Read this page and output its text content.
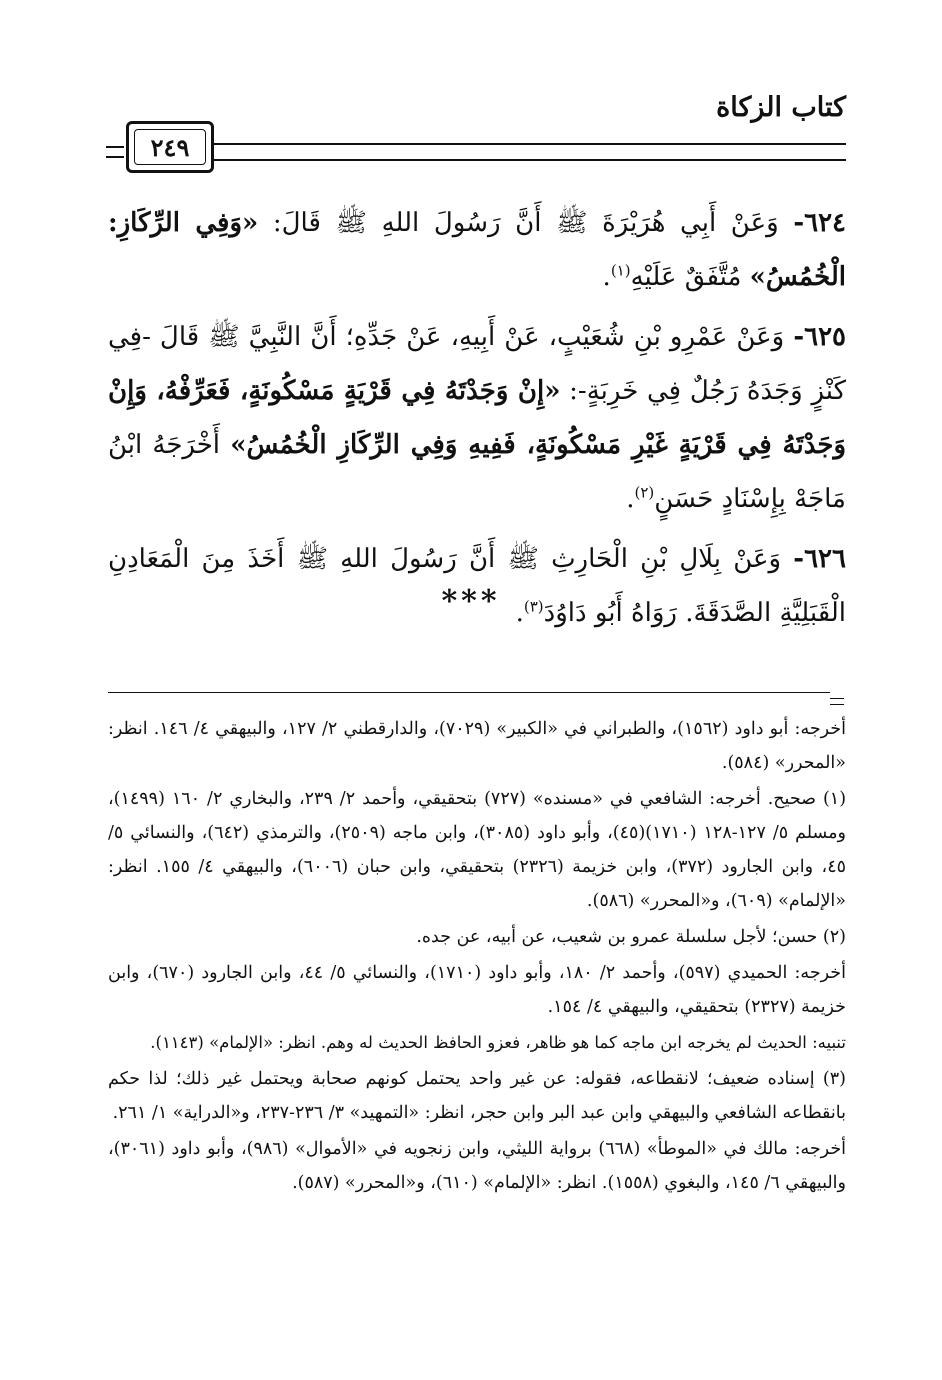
كتاب الزكاة
٢٤٩

٦٢٤- وَعَنْ أَبِي هُرَيْرَةَ ﷺ أَنَّ رَسُولَ اللهِ ﷺ قَالَ: «وَفِي الرِّكَازِ: الْخُمُسُ» مُتَّفَقٌ عَلَيْهِ$^{(١)}$.

٦٢٥- وَعَنْ عَمْرِو بْنِ شُعَيْبٍ، عَنْ أَبِيهِ، عَنْ جَدِّهِ؛ أَنَّ النَّبِيَّ ﷺ قَالَ -فِي كَنْزٍ وَجَدَهُ رَجُلٌ فِي خَرِبَةٍ-: «إِنْ وَجَدْتَهُ فِي قَرْيَةٍ مَسْكُونَةٍ، فَعَرِّفْهُ، وَإِنْ وَجَدْتَهُ فِي قَرْيَةٍ غَيْرِ مَسْكُونَةٍ، فَفِيهِ وَفِي الرِّكَازِ الْخُمُسُ» أَخْرَجَهُ ابْنُ مَاجَهْ بِإِسْنَادٍ حَسَنٍ$^{(٢)}$.

٦٢٦- وَعَنْ بِلَالِ بْنِ الْحَارِثِ ﷺ أَنَّ رَسُولَ اللهِ ﷺ أَخَذَ مِنَ الْمَعَادِنِ الْقَبَلِيَّةِ الصَّدَقَةَ. رَوَاهُ أَبُو دَاوُدَ$^{(٣)}$.

***

أخرجه: أبو داود (١٥٦٢)، والطبراني في «الكبير» (٧٠٢٩)، والدارقطني ٢/ ١٢٧، والبيهقي ٤/ ١٤٦. انظر: «المحرر» (٥٨٤).

(١) صحيح. أخرجه: الشافعي في «مسنده» (٧٢٧) بتحقيقي، وأحمد ٢/ ٢٣٩، والبخاري ٢/ ١٦٠ (١٤٩٩)، ومسلم ٥/ ١٢٧-١٢٨ (١٧١٠)(٤٥)، وأبو داود (٣٠٨٥)، وابن ماجه (٢٥٠٩)، والترمذي (٦٤٢)، والنسائي ٥/ ٤٥، وابن الجارود (٣٧٢)، وابن خزيمة (٢٣٢٦) بتحقيقي، وابن حبان (٦٠٠٦)، والبيهقي ٤/ ١٥٥. انظر: «الإلمام» (٦٠٩)، و«المحرر» (٥٨٦).

(٢) حسن؛ لأجل سلسلة عمرو بن شعيب، عن أبيه، عن جده.

أخرجه: الحميدي (٥٩٧)، وأحمد ٢/ ١٨٠، وأبو داود (١٧١٠)، والنسائي ٥/ ٤٤، وابن الجارود (٦٧٠)، وابن خزيمة (٢٣٢٧) بتحقيقي، والبيهقي ٤/ ١٥٤.

تنبيه: الحديث لم يخرجه ابن ماجه كما هو ظاهر، فعزو الحافظ الحديث له وهم. انظر: «الإلمام» (١١٤٣).

(٣) إسناده ضعيف؛ لانقطاعه، فقوله: عن غير واحد يحتمل كونهم صحابة ويحتمل غير ذلك؛ لذا حكم بانقطاعه الشافعي والبيهقي وابن عبد البر وابن حجر، انظر: «التمهيد» ٣/ ٢٣٦-٢٣٧، و«الدراية» ١/ ٢٦١.

أخرجه: مالك في «الموطأ» (٦٦٨) برواية الليثي، وابن زنجويه في «الأموال» (٩٨٦)، وأبو داود (٣٠٦١)، والبيهقي ٦/ ١٤٥، والبغوي (١٥٥٨). انظر: «الإلمام» (٦١٠)، و«المحرر» (٥٨٧).
